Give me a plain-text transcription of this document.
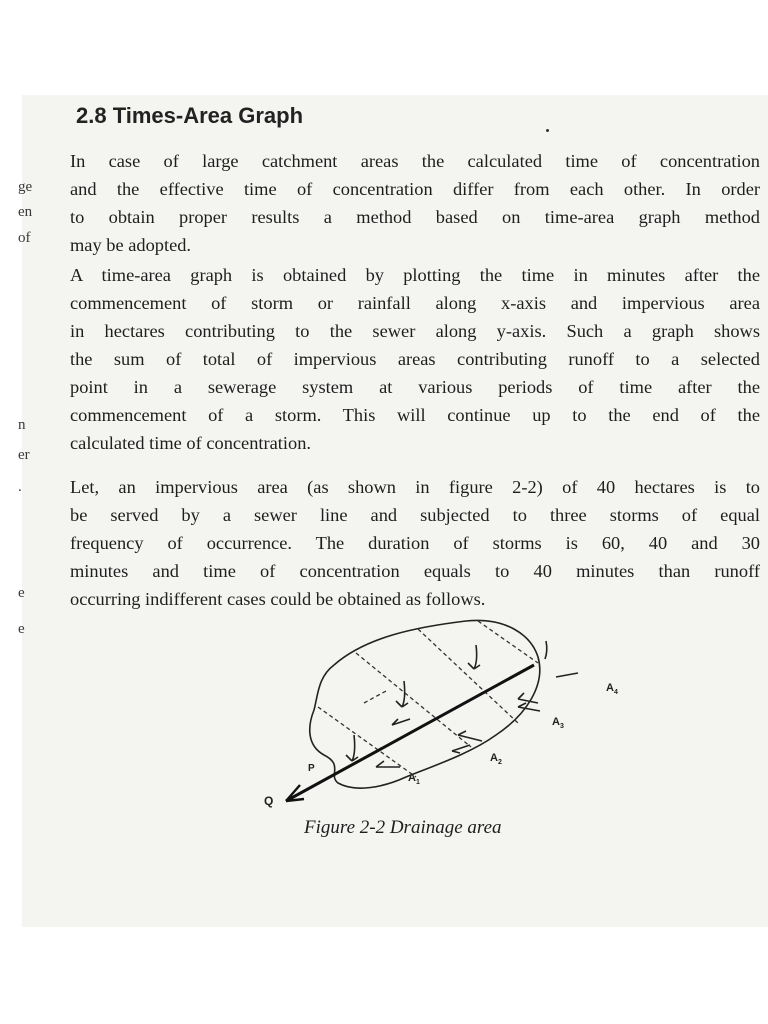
ge
en
of
n
er
.
e
e
2.8 Times-Area Graph

In case of large catchment areas the calculated time of concentration
and the effective time of concentration differ from each other. In order
to obtain proper results a method based on time-area graph method
may be adopted.

A time-area graph is obtained by plotting the time in minutes after the
commencement of storm or rainfall along x-axis and impervious area
in hectares contributing to the sewer along y-axis. Such a graph shows
the sum of total of impervious areas contributing runoff to a selected
point in a sewerage system at various periods of time after the
commencement of a storm. This will continue up to the end of the
calculated time of concentration.

Let, an impervious area (as shown in figure 2-2) of 40 hectares is to
be served by a sewer line and subjected to three storms of equal
frequency of occurrence. The duration of storms is 60, 40 and 30
minutes and time of concentration equals to 40 minutes than runoff
occurring indifferent cases could be obtained as follows.

Q
P
$A_1$
$A_2$
$A_3$
$A_4$

Figure 2-2 Drainage area
